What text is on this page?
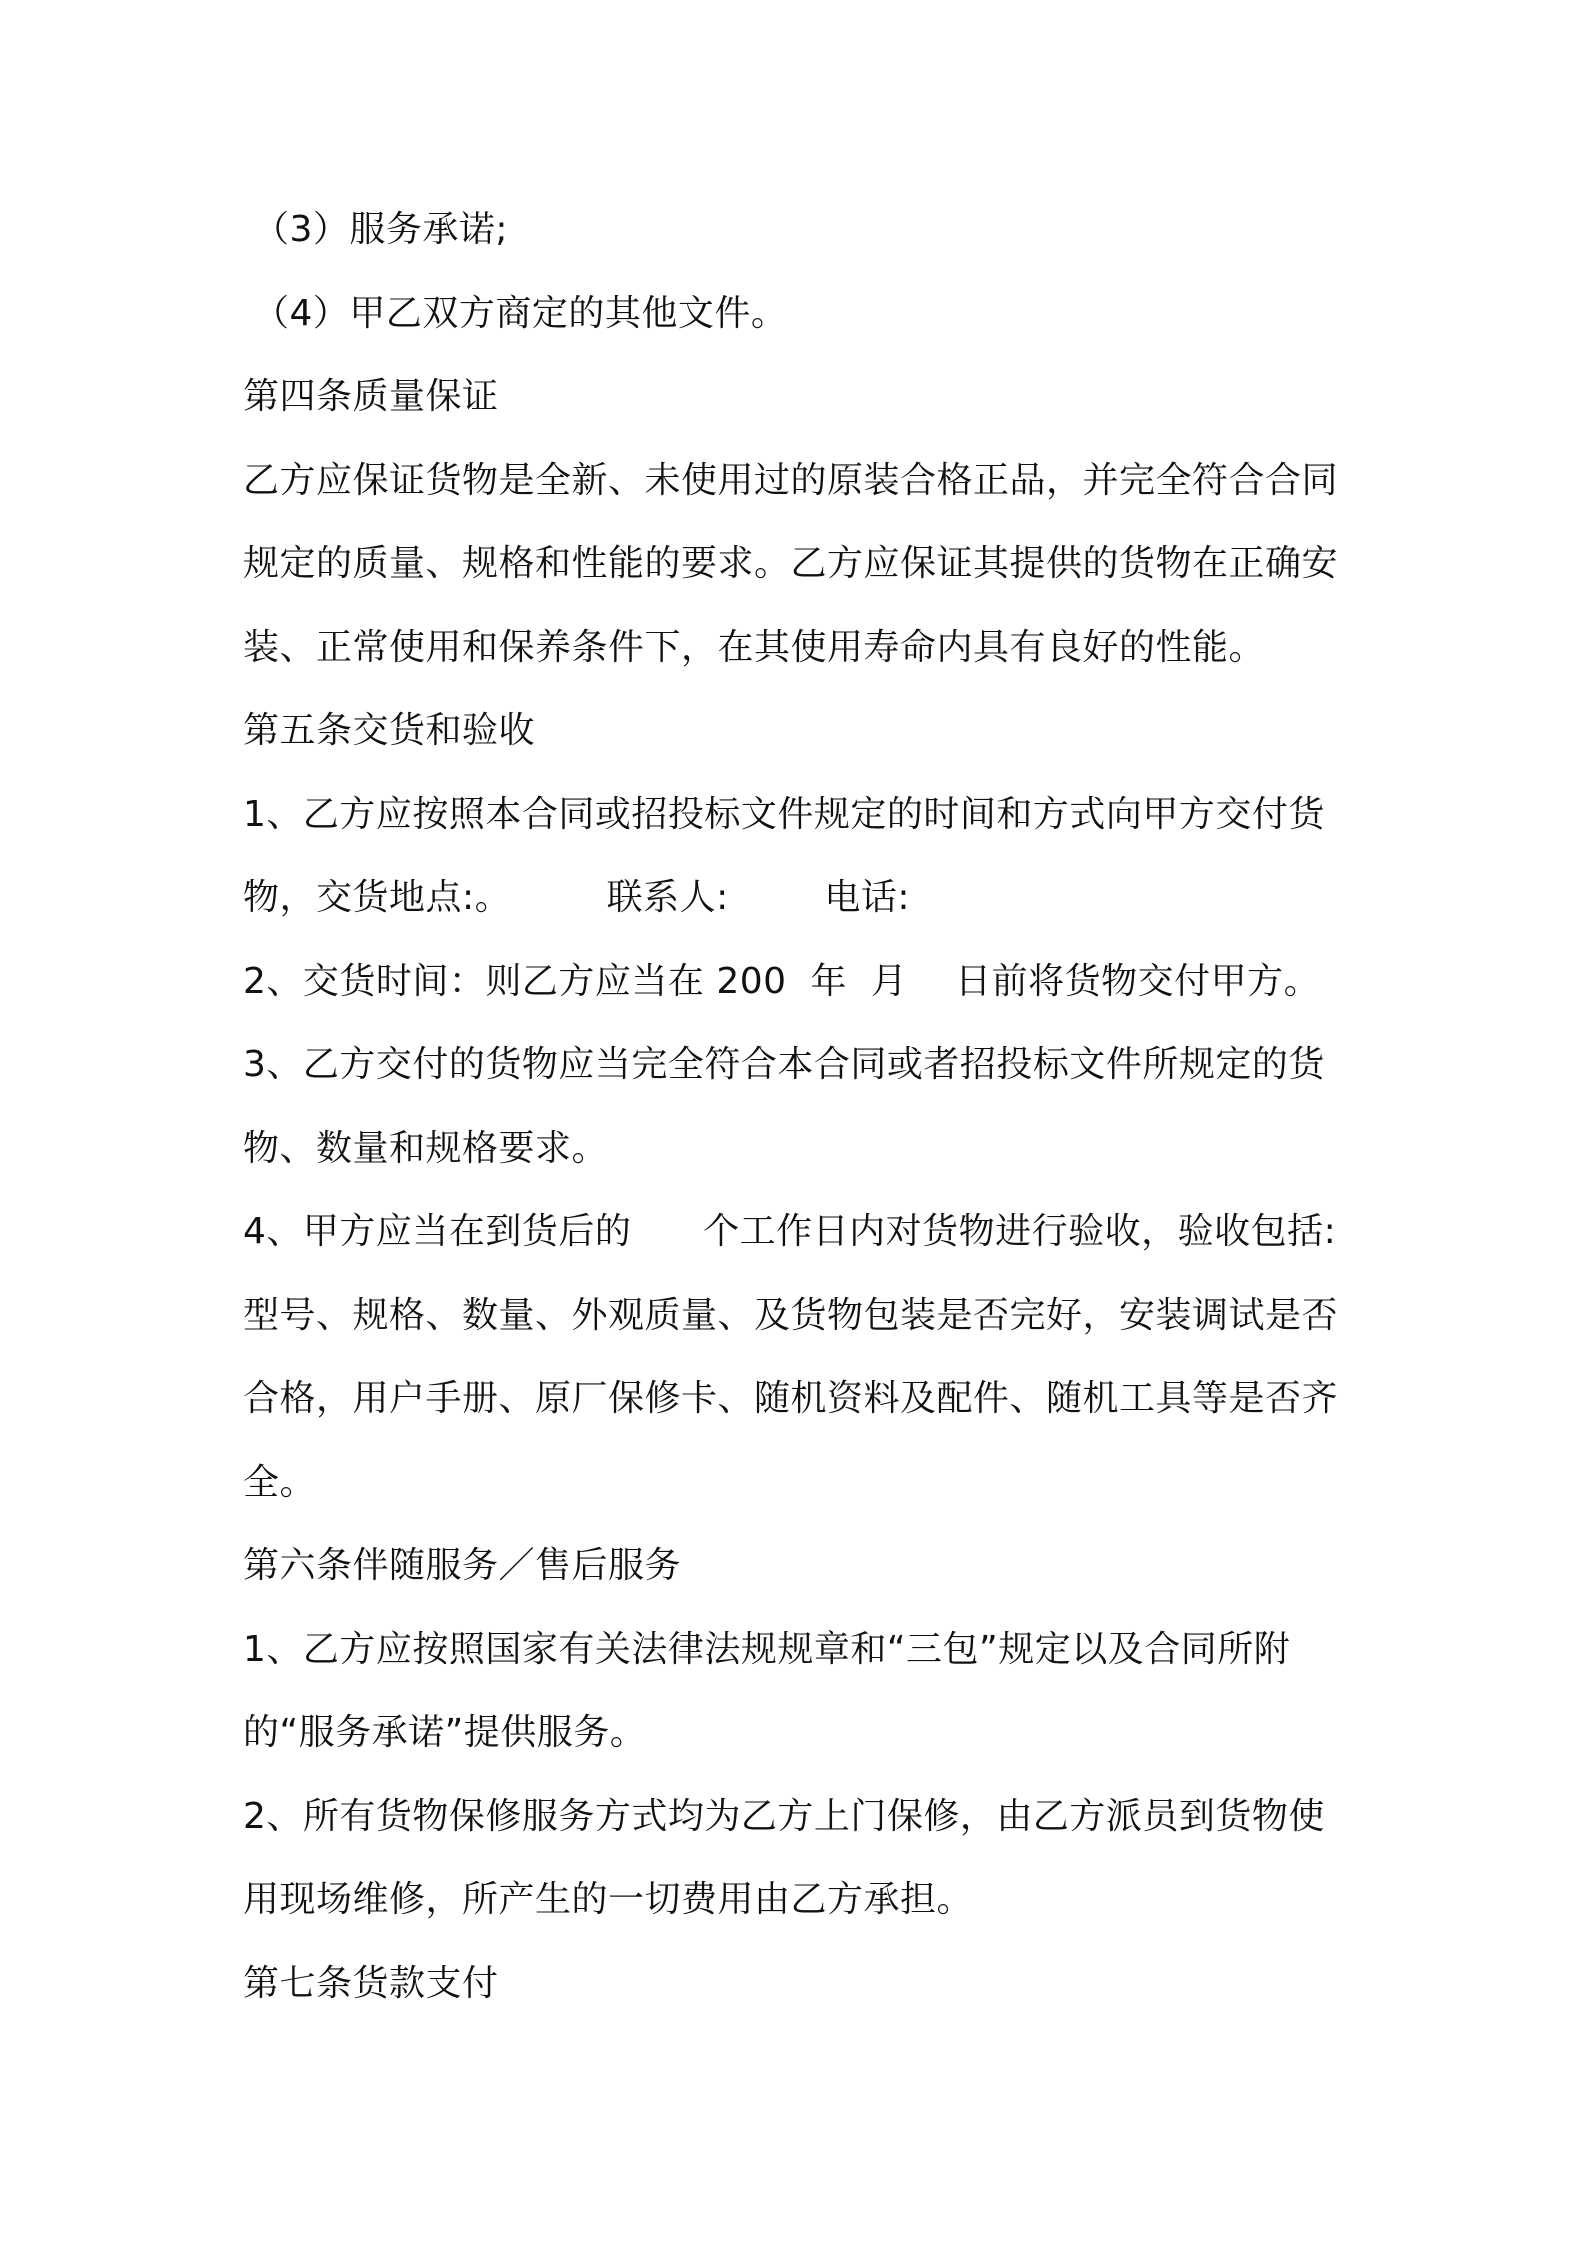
（3）服务承诺;
（4）甲乙双方商定的其他文件。
第四条质量保证
乙方应保证货物是全新、未使用过的原装合格正品，并完全符合合同
规定的质量、规格和性能的要求。乙方应保证其提供的货物在正确安
装、正常使用和保养条件下，在其使用寿命内具有良好的性能。
第五条交货和验收
1、乙方应按照本合同或招投标文件规定的时间和方式向甲方交付货
物，交货地点:。        联系人:        电话:
2、交货时间：则乙方应当在 200  年  月    日前将货物交付甲方。
3、乙方交付的货物应当完全符合本合同或者招投标文件所规定的货
物、数量和规格要求。
4、甲方应当在到货后的      个工作日内对货物进行验收，验收包括:
型号、规格、数量、外观质量、及货物包装是否完好，安装调试是否
合格，用户手册、原厂保修卡、随机资料及配件、随机工具等是否齐
全。
第六条伴随服务／售后服务
1、乙方应按照国家有关法律法规规章和“三包”规定以及合同所附
的“服务承诺”提供服务。
2、所有货物保修服务方式均为乙方上门保修，由乙方派员到货物使
用现场维修，所产生的一切费用由乙方承担。
第七条货款支付
